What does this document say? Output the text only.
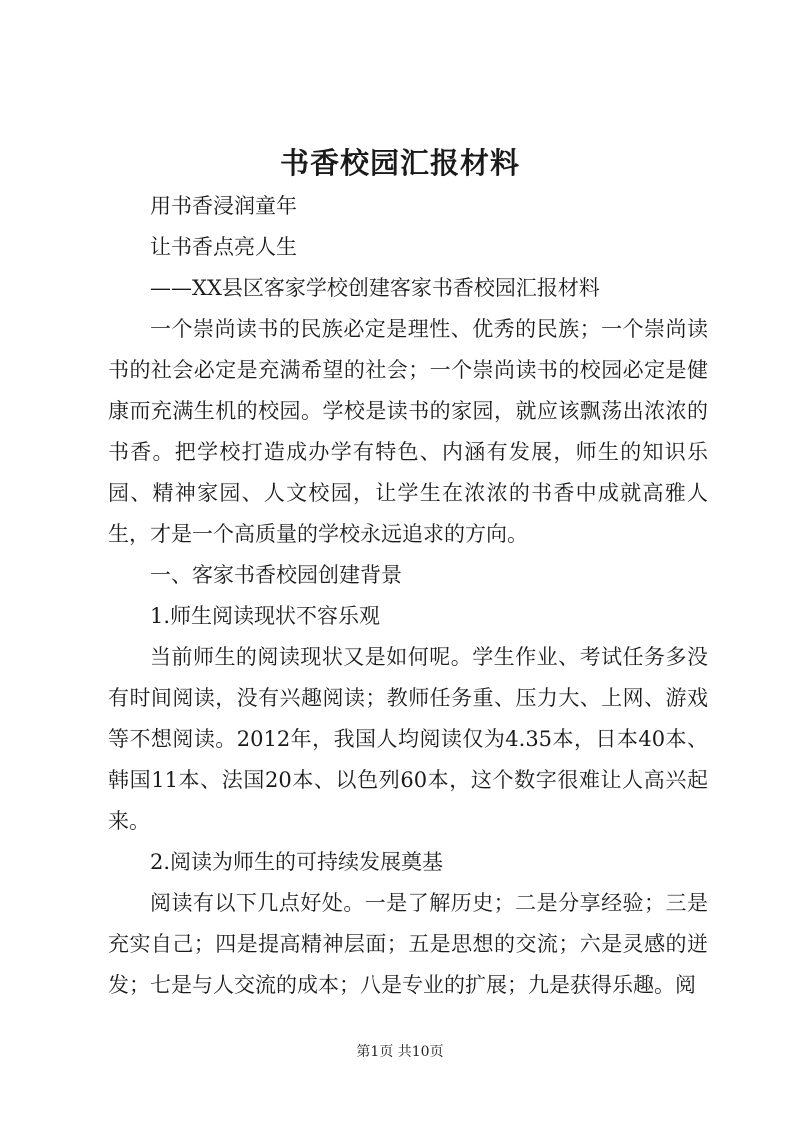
书香校园汇报材料

用书香浸润童年

让书香点亮人生

——XX县区客家学校创建客家书香校园汇报材料

一个崇尚读书的民族必定是理性、优秀的民族；一个崇尚读书的社会必定是充满希望的社会；一个崇尚读书的校园必定是健康而充满生机的校园。学校是读书的家园，就应该飘荡出浓浓的书香。把学校打造成办学有特色、内涵有发展，师生的知识乐园、精神家园、人文校园，让学生在浓浓的书香中成就高雅人生，才是一个高质量的学校永远追求的方向。

一、客家书香校园创建背景

1.师生阅读现状不容乐观

当前师生的阅读现状又是如何呢。学生作业、考试任务多没有时间阅读，没有兴趣阅读；教师任务重、压力大、上网、游戏等不想阅读。2012年，我国人均阅读仅为4.35本，日本40本、韩国11本、法国20本、以色列60本，这个数字很难让人高兴起来。

2.阅读为师生的可持续发展奠基

阅读有以下几点好处。一是了解历史；二是分享经验；三是充实自己；四是提高精神层面；五是思想的交流；六是灵感的迸发；七是与人交流的成本；八是专业的扩展；九是获得乐趣。阅

第1页 共10页
